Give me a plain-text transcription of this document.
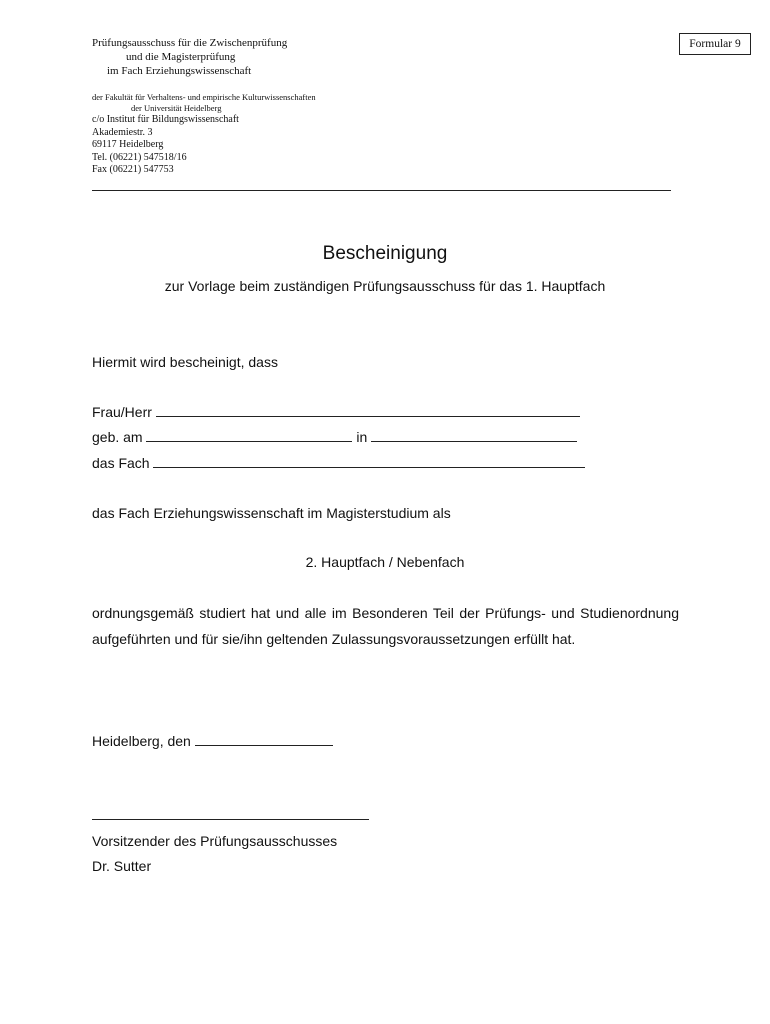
Formular 9
Prüfungsausschuss für die Zwischenprüfung
und die Magisterprüfung
im Fach Erziehungswissenschaft
der Fakultät für Verhaltens- und empirische Kulturwissenschaften
der Universität Heidelberg
c/o Institut für Bildungswissenschaft
Akademiestr. 3
69117 Heidelberg
Tel. (06221) 547518/16
Fax (06221) 547753
Bescheinigung
zur Vorlage beim zuständigen Prüfungsausschuss für das 1. Hauptfach
Hiermit wird bescheinigt, dass
Frau/Herr
geb. am	in
das Fach
das Fach Erziehungswissenschaft im Magisterstudium als
2. Hauptfach / Nebenfach
ordnungsgemäß studiert hat und alle im Besonderen Teil der Prüfungs- und Studienordnung aufgeführten und für sie/ihn geltenden Zulassungsvoraussetzungen erfüllt hat.
Heidelberg, den
Vorsitzender des Prüfungsausschusses
Dr. Sutter
